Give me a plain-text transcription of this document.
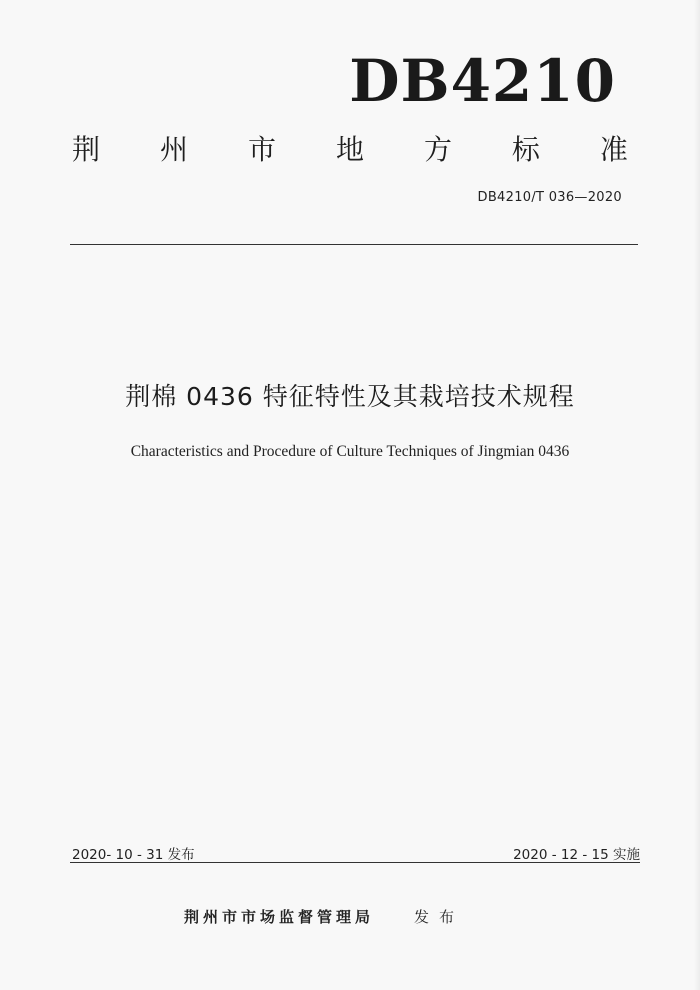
DB4210
荆 州 市 地 方 标 准
DB4210/T 036—2020
荆棉 0436 特征特性及其栽培技术规程
Characteristics and Procedure of Culture Techniques of Jingmian 0436
2020- 10 - 31 发布	2020 - 12 - 15 实施
荆州市市场监督管理局	发布
